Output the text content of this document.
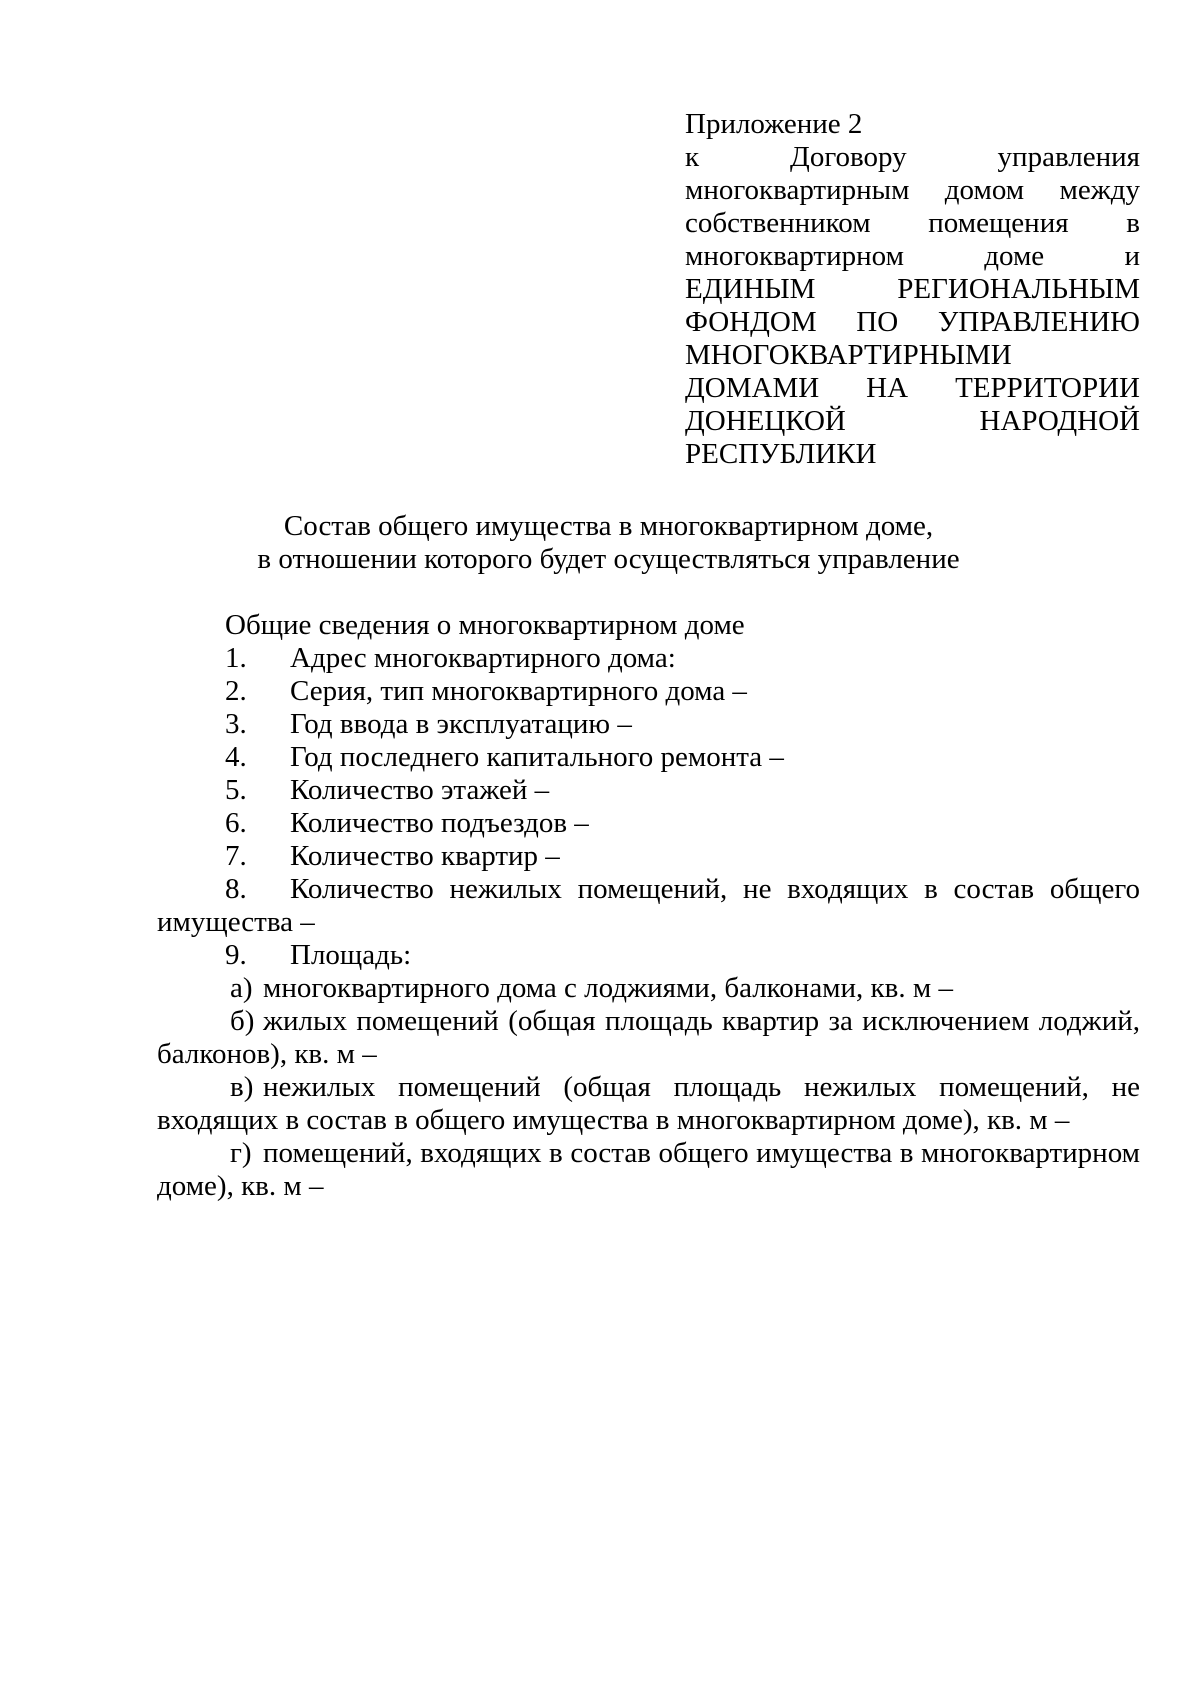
Приложение 2
к Договору управления
многоквартирным домом между
собственником помещения в
многоквартирном доме и
ЕДИНЫМ РЕГИОНАЛЬНЫМ
ФОНДОМ ПО УПРАВЛЕНИЮ
МНОГОКВАРТИРНЫМИ
ДОМАМИ НА ТЕРРИТОРИИ
ДОНЕЦКОЙ НАРОДНОЙ
РЕСПУБЛИКИ
Состав общего имущества в многоквартирном доме,
в отношении которого будет осуществляться управление
Общие сведения о многоквартирном доме
1. Адрес многоквартирного дома:
2. Серия, тип многоквартирного дома –
3. Год ввода в эксплуатацию –
4. Год последнего капитального ремонта –
5. Количество этажей –
6. Количество подъездов –
7. Количество квартир –
8. Количество нежилых помещений, не входящих в состав общего
имущества –
9. Площадь:
а) многоквартирного дома с лоджиями, балконами, кв. м –
б) жилых помещений (общая площадь квартир за исключением лоджий,
балконов), кв. м –
в) нежилых помещений (общая площадь нежилых помещений, не
входящих в состав в общего имущества в многоквартирном доме), кв. м –
г) помещений, входящих в состав общего имущества в многоквартирном
доме), кв. м –
